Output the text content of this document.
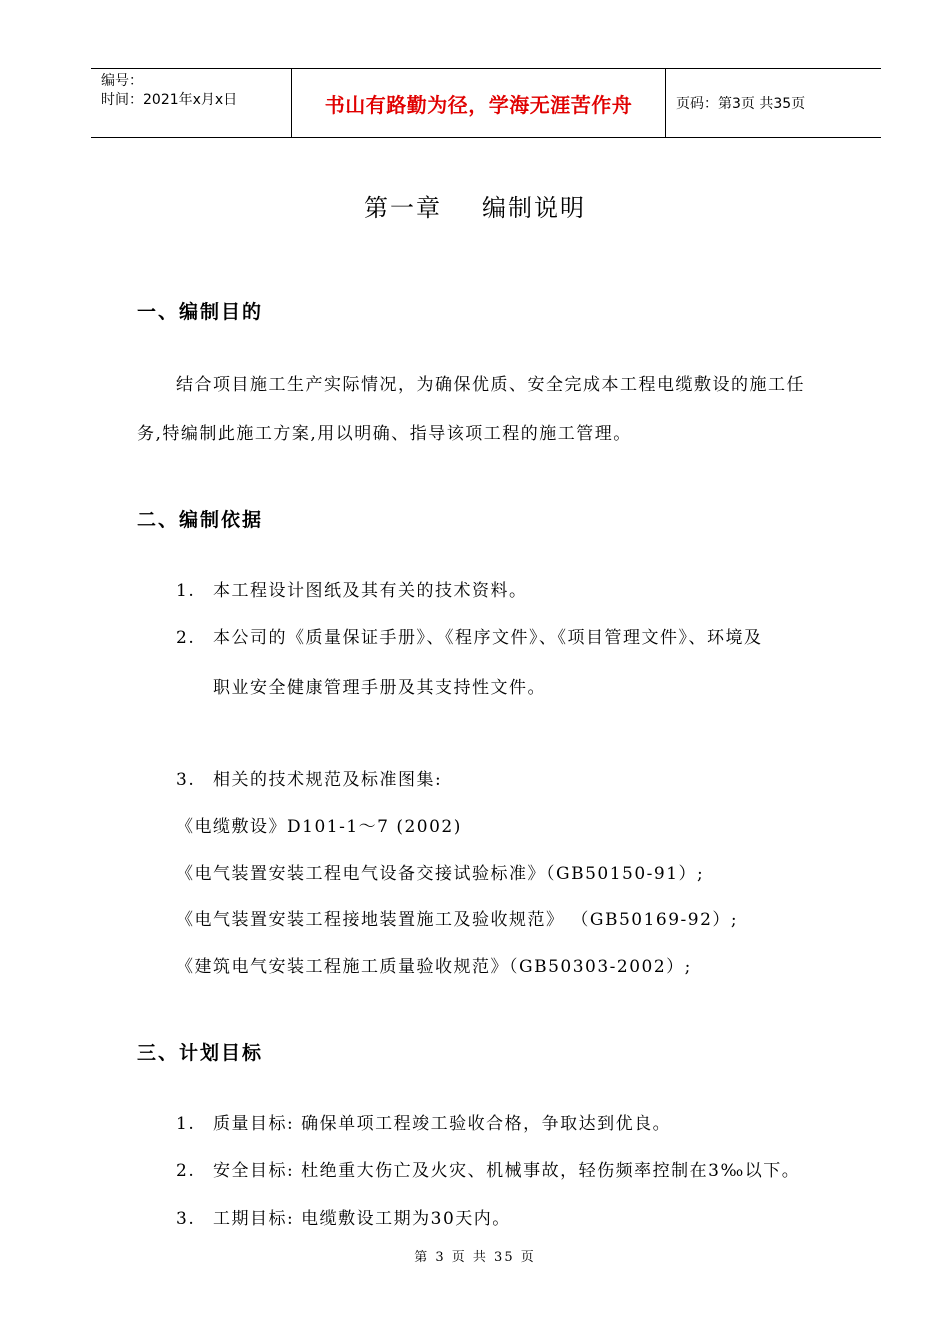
编号：
时间：2021年x月x日	书山有路勤为径，学海无涯苦作舟	页码：第3页 共35页
第一章 编制说明
一、编制目的
结合项目施工生产实际情况，为确保优质、安全完成本工程电缆敷设的施工任
务,特编制此施工方案,用以明确、指导该项工程的施工管理。
二、编制依据
1. 本工程设计图纸及其有关的技术资料。
2. 本公司的《质量保证手册》、《程序文件》、《项目管理文件》、环境及
职业安全健康管理手册及其支持性文件。
3. 相关的技术规范及标准图集:
《电缆敷设》D101-1～7 (2002)
《电气装置安装工程电气设备交接试验标准》（GB50150-91）;
《电气装置安装工程接地装置施工及验收规范》 （GB50169-92）;
《建筑电气安装工程施工质量验收规范》（GB50303-2002）;
三、计划目标
1. 质量目标: 确保单项工程竣工验收合格，争取达到优良。
2. 安全目标: 杜绝重大伤亡及火灾、机械事故，轻伤频率控制在3‰以下。
3. 工期目标: 电缆敷设工期为30天内。
第 3 页 共 35 页
